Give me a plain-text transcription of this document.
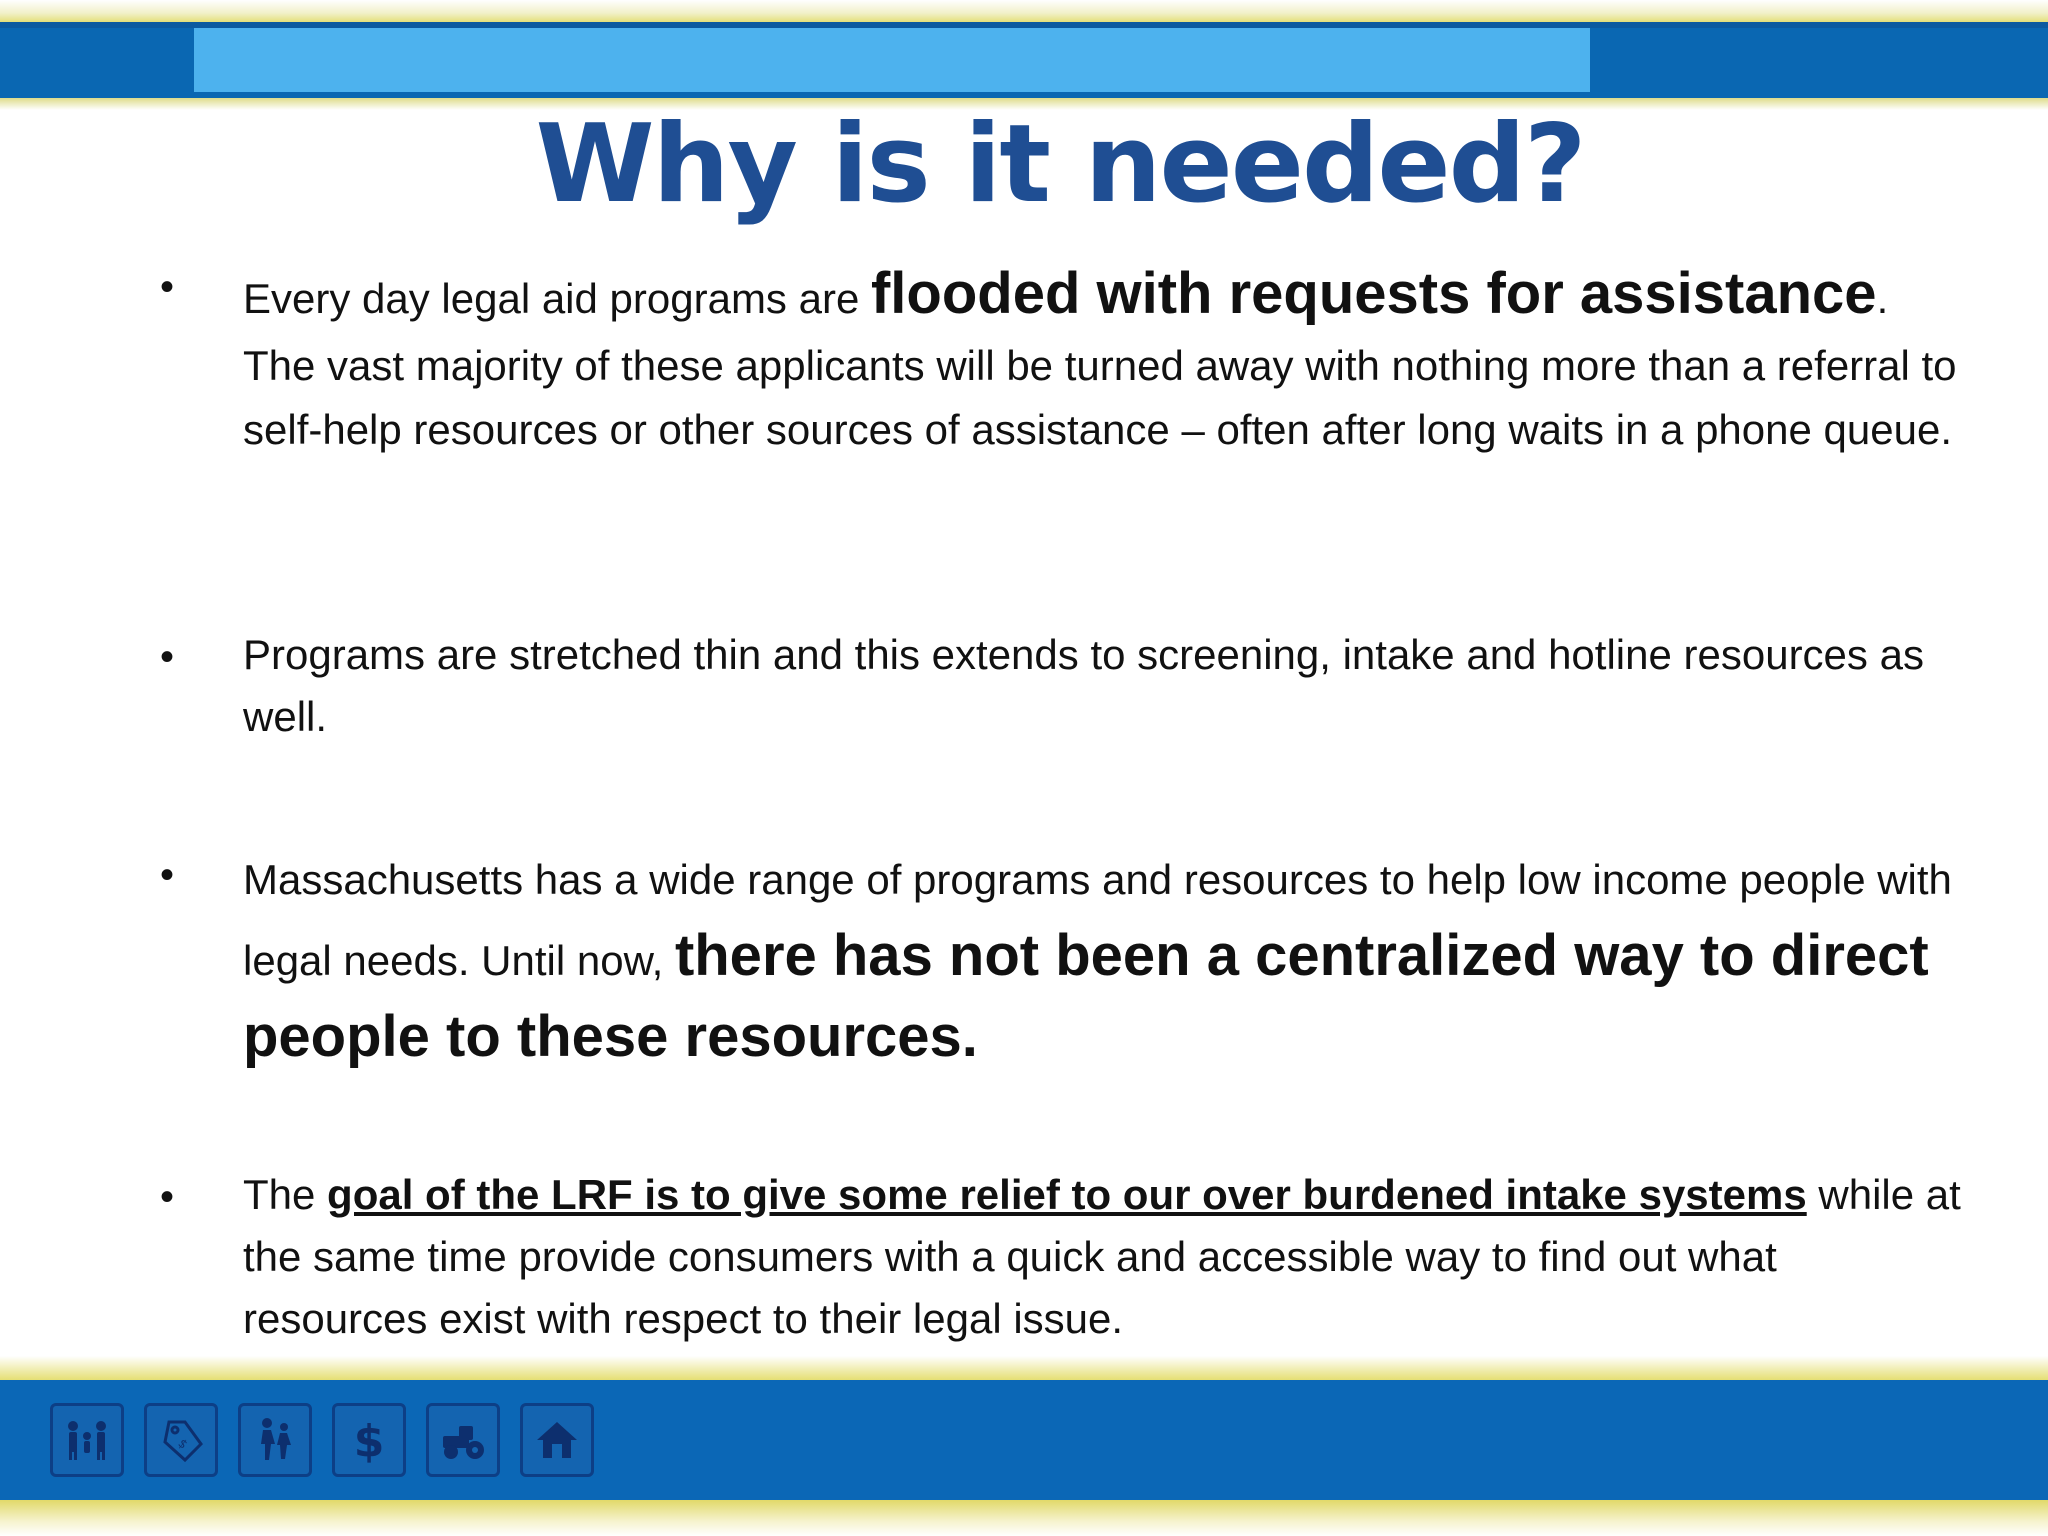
Why is it needed?
• Every day legal aid programs are flooded with requests for assistance. The vast majority of these applicants will be turned away with nothing more than a referral to self-help resources or other sources of assistance – often after long waits in a phone queue.
• Programs are stretched thin and this extends to screening, intake and hotline resources as well.
• Massachusetts has a wide range of programs and resources to help low income people with legal needs. Until now, there has not been a centralized way to direct people to these resources.
• The goal of the LRF is to give some relief to our over burdened intake systems while at the same time provide consumers with a quick and accessible way to find out what resources exist with respect to their legal issue.
$	$
